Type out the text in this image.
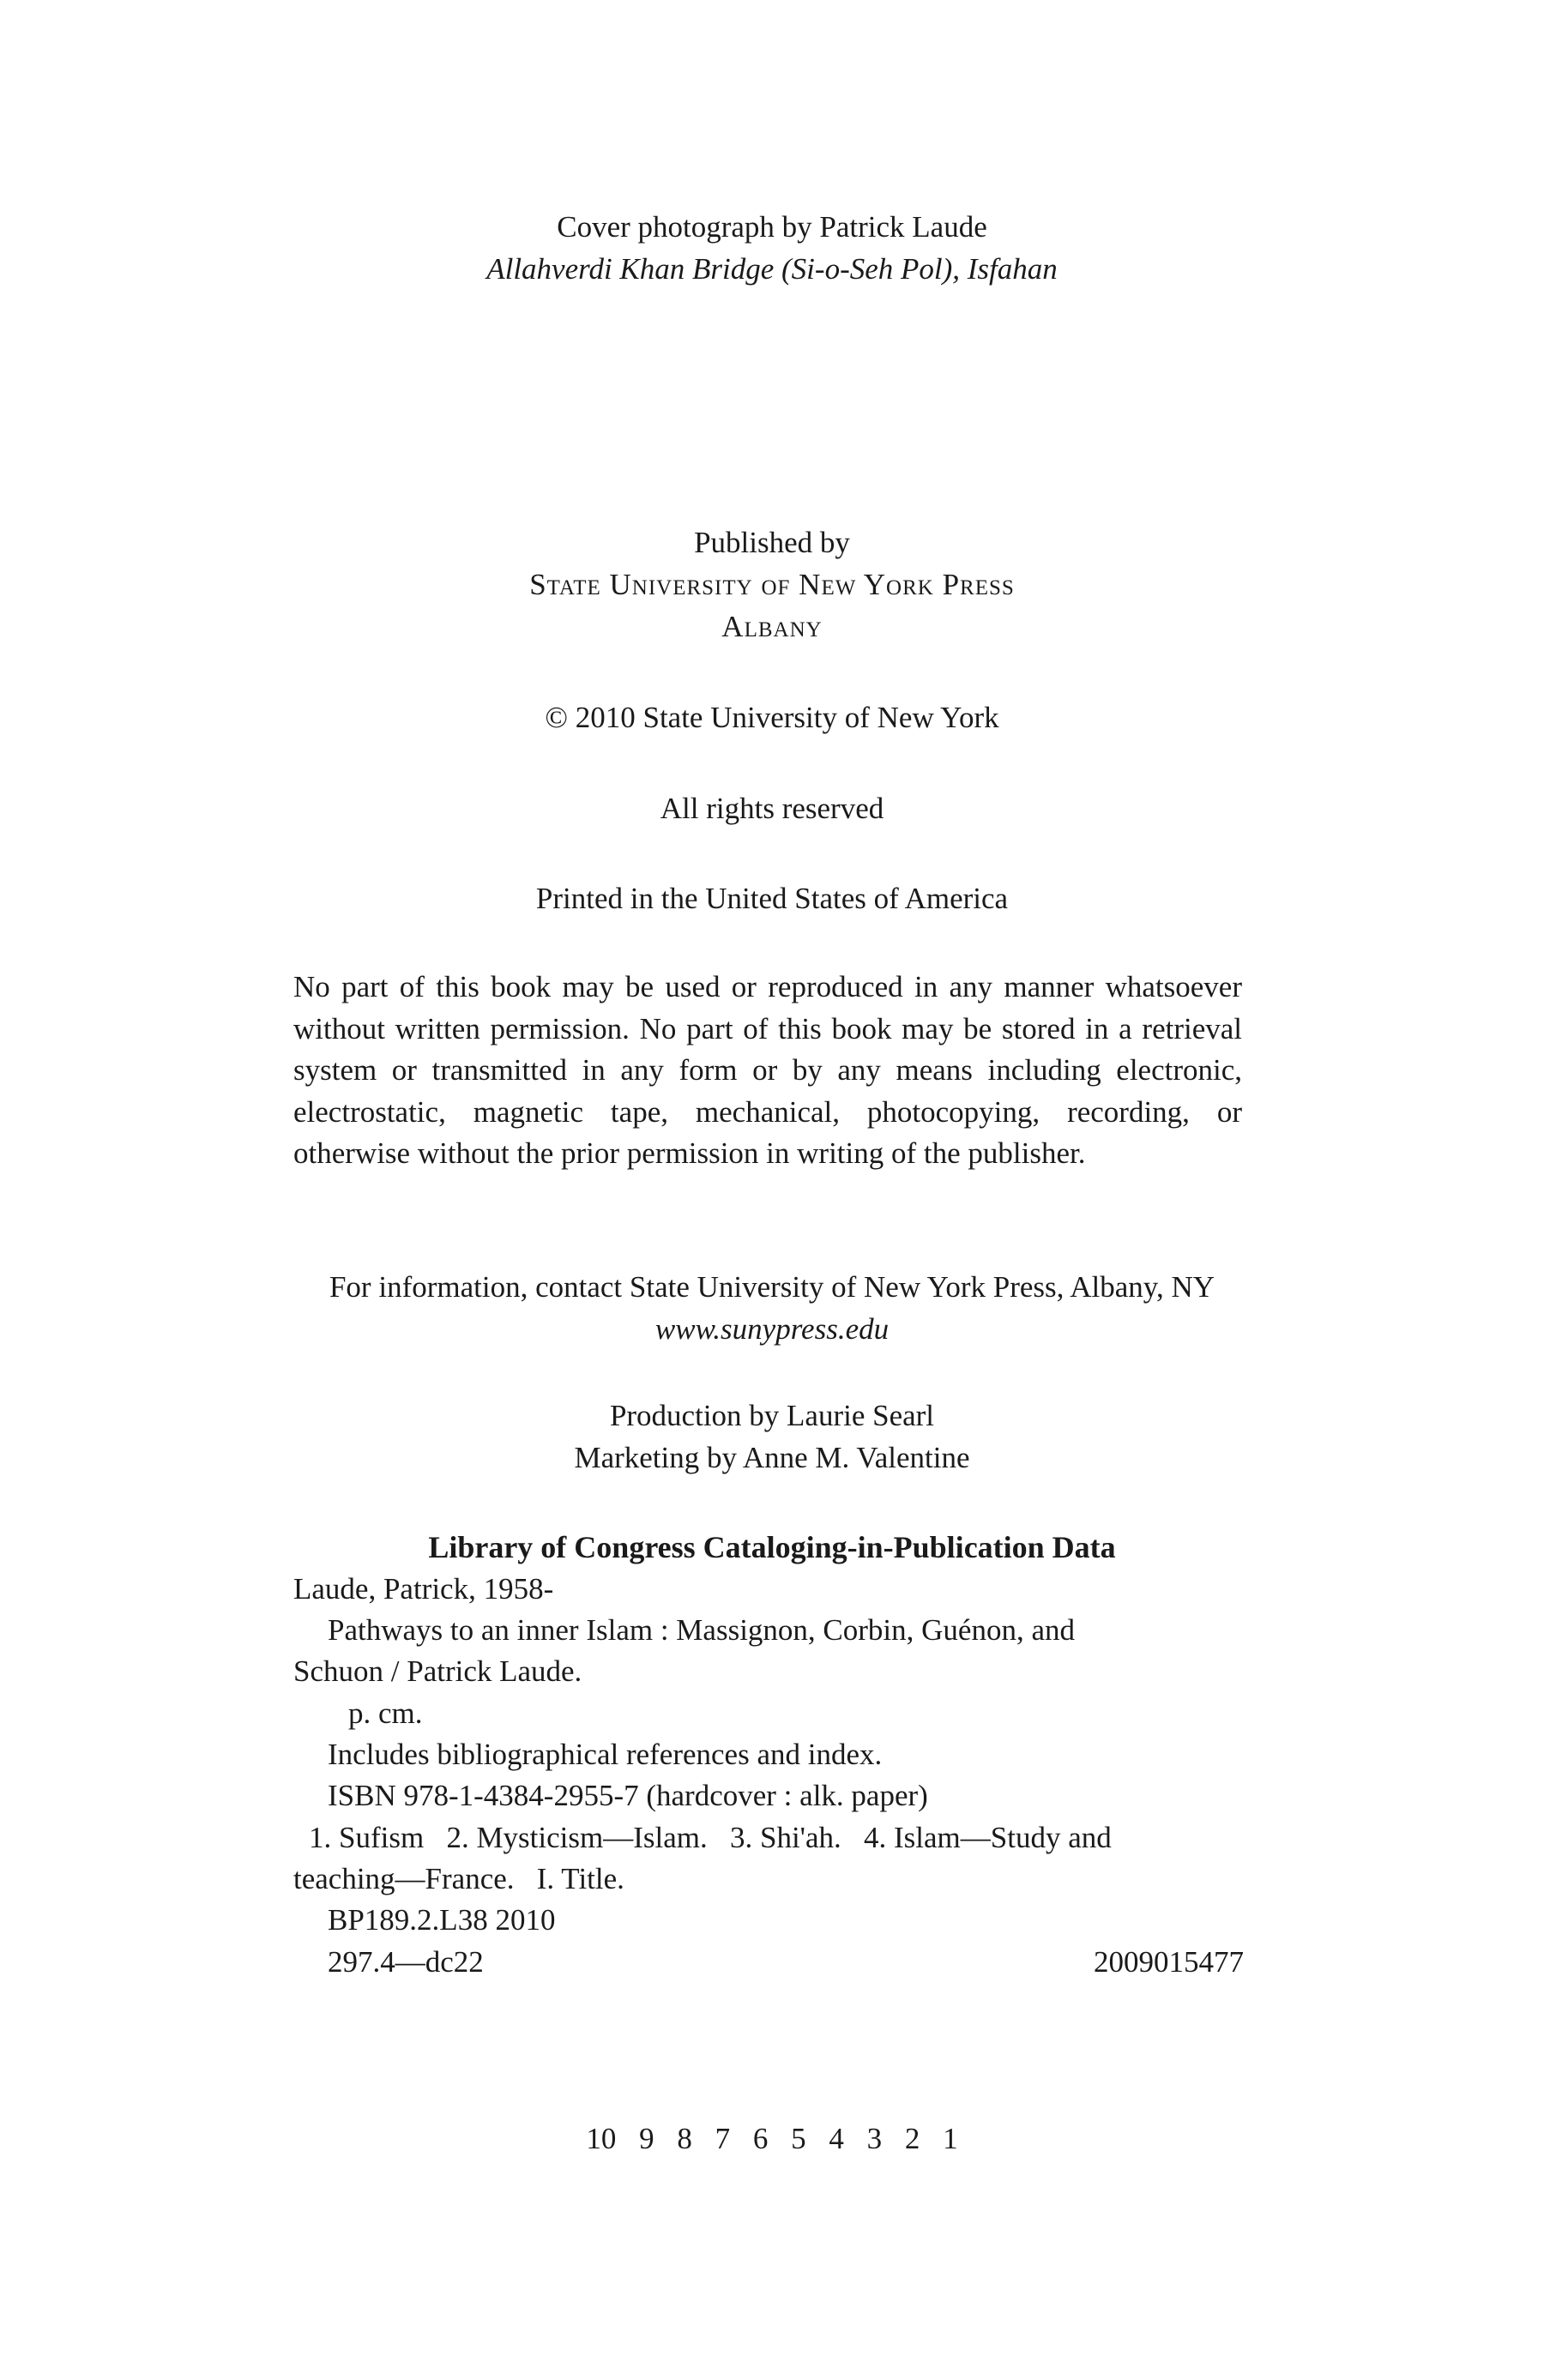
Cover photograph by Patrick Laude
Allahverdi Khan Bridge (Si-o-Seh Pol), Isfahan
Published by
State University of New York Press
Albany
© 2010 State University of New York
All rights reserved
Printed in the United States of America
No part of this book may be used or reproduced in any manner whatsoever without written permission. No part of this book may be stored in a retrieval system or transmitted in any form or by any means including electronic, electrostatic, magnetic tape, mechanical, photocopying, recording, or otherwise without the prior permission in writing of the publisher.
For information, contact State University of New York Press, Albany, NY
www.sunypress.edu
Production by Laurie Searl
Marketing by Anne M. Valentine
Library of Congress Cataloging-in-Publication Data
Laude, Patrick, 1958-
Pathways to an inner Islam : Massignon, Corbin, Guénon, and
Schuon / Patrick Laude.
p. cm.
Includes bibliographical references and index.
ISBN 978-1-4384-2955-7 (hardcover : alk. paper)
1. Sufism   2. Mysticism—Islam.   3. Shi'ah.   4. Islam—Study and
teaching—France.   I. Title.
BP189.2.L38 2010
297.4—dc22	2009015477
10 9 8 7 6 5 4 3 2 1
